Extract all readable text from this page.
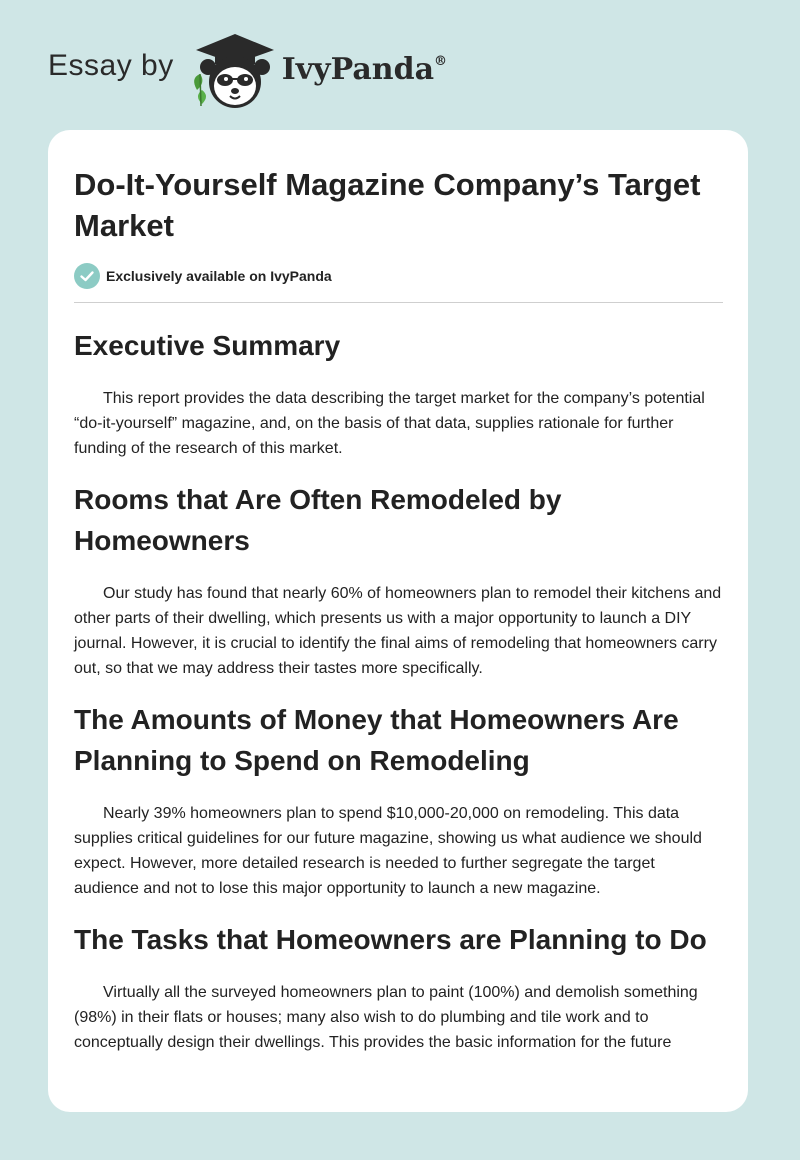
Essay by	IvyPanda®
Do-It-Yourself Magazine Company’s Target Market
Exclusively available on IvyPanda
Executive Summary

This report provides the data describing the target market for the company’s potential “do-it-yourself” magazine, and, on the basis of that data, supplies rationale for further funding of the research of this market.

Rooms that Are Often Remodeled by Homeowners

Our study has found that nearly 60% of homeowners plan to remodel their kitchens and other parts of their dwelling, which presents us with a major opportunity to launch a DIY journal. However, it is crucial to identify the final aims of remodeling that homeowners carry out, so that we may address their tastes more specifically.

The Amounts of Money that Homeowners Are Planning to Spend on Remodeling

Nearly 39% homeowners plan to spend $10,000-20,000 on remodeling. This data supplies critical guidelines for our future magazine, showing us what audience we should expect. However, more detailed research is needed to further segregate the target audience and not to lose this major opportunity to launch a new magazine.

The Tasks that Homeowners are Planning to Do

Virtually all the surveyed homeowners plan to paint (100%) and demolish something (98%) in their flats or houses; many also wish to do plumbing and tile work and to conceptually design their dwellings. This provides the basic information for the future
